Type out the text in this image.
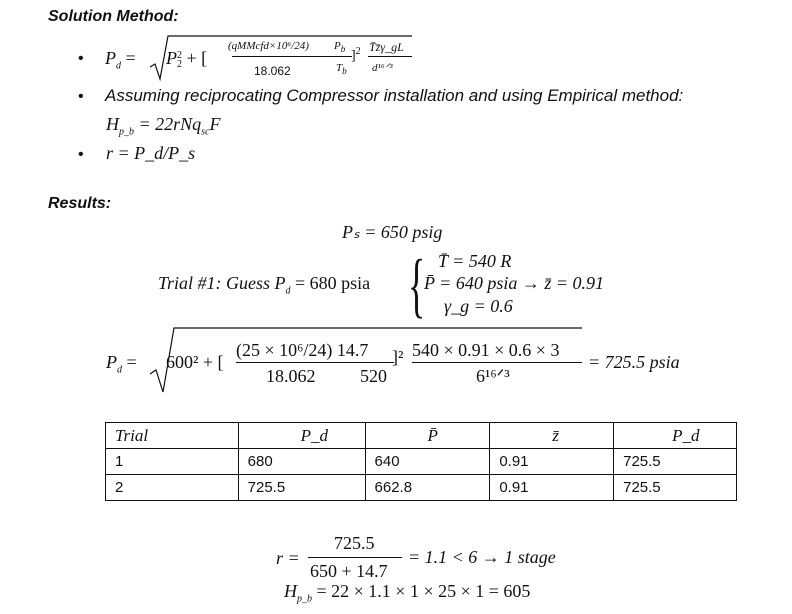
Solution Method:
• $P_d = P$ 2
2 + [
(qMMcfd×10⁶/24)
18.062
$P_b$
$T_b$
]$^2$ T̄z̄γ_gL
d¹⁶ᐟ³
• Assuming reciprocating Compressor installation and using Empirical method:
$H_{p\_b} = 22rNq_{sc}F$
• r = P_d/P_s
Results:
Pₛ = 650 psig
Trial #1: Guess $P_d = 680$ psia { T̄ = 540 R
P̄ = 640 psia → z̄ = 0.91
γ_g = 0.6
$P_d = 600^2$ + [
(25 × 10⁶/24) 14.7
18.062 520
]² 540 × 0.91 × 0.6 × 3
6¹⁶ᐟ³
= 725.5 psia
Trial	P_d	P̄	z̄	P_d
1	680	640	0.91	725.5
2	725.5	662.8	0.91	725.5
r =
725.5
650 + 14.7
= 1.1 < 6 → 1 stage
$H_{p\_b} = 22 \times 1.1 \times 1 \times 25 \times 1 = 605$
